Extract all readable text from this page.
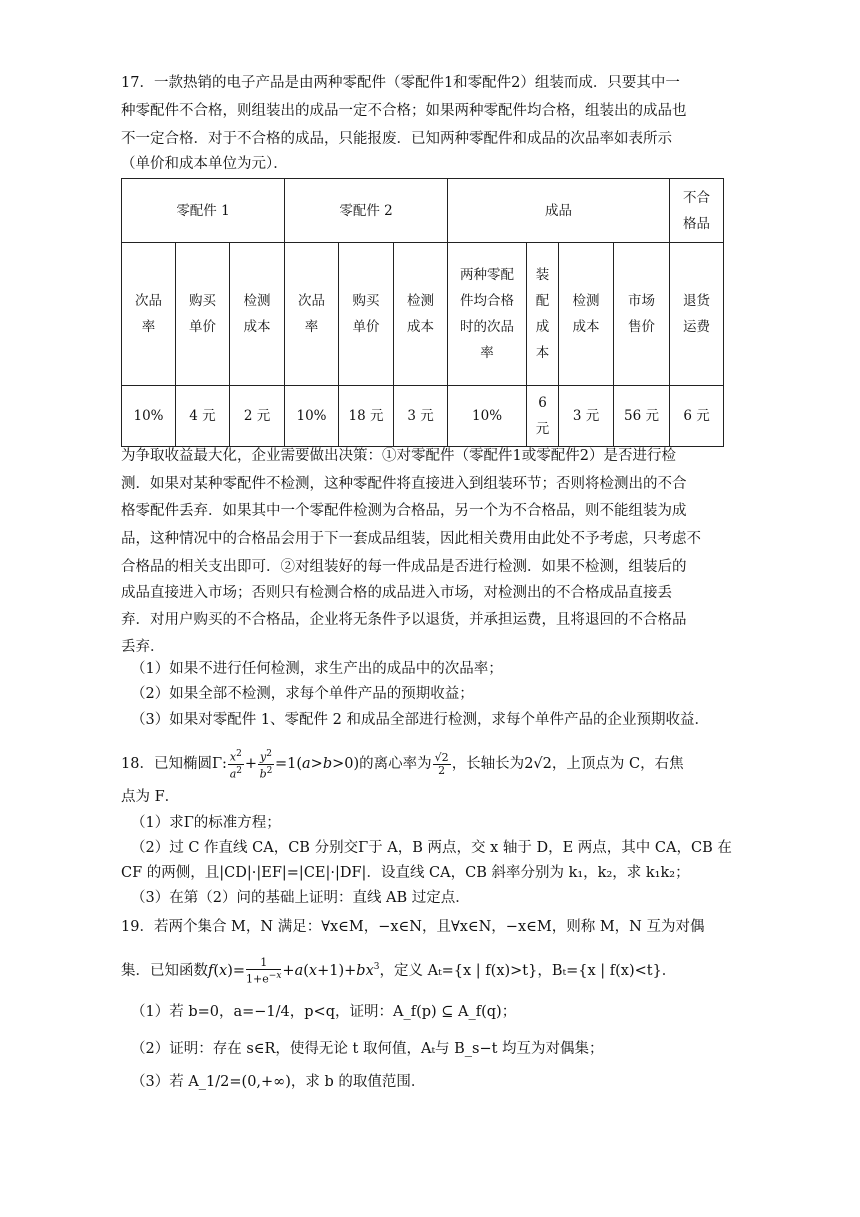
17．一款热销的电子产品是由两种零配件（零配件1和零配件2）组装而成．只要其中一
种零配件不合格，则组装出的成品一定不合格；如果两种零配件均合格，组装出的成品也
不一定合格．对于不合格的成品，只能报废．已知两种零配件和成品的次品率如表所示
（单价和成本单位为元）．
零配件 1			零配件 2			成品				不合格品
次品率	购买单价	检测成本	次品率	购买单价	检测成本	两种零配件均合格时的次品率	装配成本	检测成本	市场售价	退货运费
10%	4 元	2 元	10%	18 元	3 元	10%	6 元	3 元	56 元	6 元
为争取收益最大化，企业需要做出决策：①对零配件（零配件1或零配件2）是否进行检
测．如果对某种零配件不检测，这种零配件将直接进入到组装环节；否则将检测出的不合
格零配件丢弃．如果其中一个零配件检测为合格品，另一个为不合格品，则不能组装为成
品，这种情况中的合格品会用于下一套成品组装，因此相关费用由此处不予考虑，只考虑不
合格品的相关支出即可．②对组装好的每一件成品是否进行检测．如果不检测，组装后的
成品直接进入市场；否则只有检测合格的成品进入市场，对检测出的不合格成品直接丢
弃．对用户购买的不合格品，企业将无条件予以退货，并承担运费，且将退回的不合格品
丢弃．
（1）如果不进行任何检测，求生产出的成品中的次品率；
（2）如果全部不检测，求每个单件产品的预期收益；
（3）如果对零配件 1、零配件 2 和成品全部进行检测，求每个单件产品的企业预期收益．
18．已知椭圆Γ: $\frac{x^2}{a^2} + \frac{y^2}{b^2} =1(a>b>0)$的离心率为 $\frac{√2}{2}$ ，长轴长为2√2，上顶点为 C，右焦
点为 F．
（1）求Γ的标准方程；
（2）过 C 作直线 CA，CB 分别交Γ于 A，B 两点，交 x 轴于 D，E 两点，其中 CA，CB 在
CF 的两侧，且|CD|·|EF|=|CE|·|DF|．设直线 CA，CB 斜率分别为 k₁，k₂，求 k₁k₂；
（3）在第（2）问的基础上证明：直线 AB 过定点．
19．若两个集合 M，N 满足：∀x∈M，−x∈N，且∀x∈N，−x∈M，则称 M，N 互为对偶
集．已知函数$f(x)= \frac{1}{1+e^{-x}} +a(x+1)+bx^3$，定义 Aₜ={x | f(x)>t}，Bₜ={x | f(x)<t}．
（1）若 b=0，a=−1/4，p<q，证明：A_f(p) ⊆ A_f(q)；
（2）证明：存在 s∈R，使得无论 t 取何值，Aₜ与 B_s−t 均互为对偶集；
（3）若 A_1/2=(0,+∞)，求 b 的取值范围．
